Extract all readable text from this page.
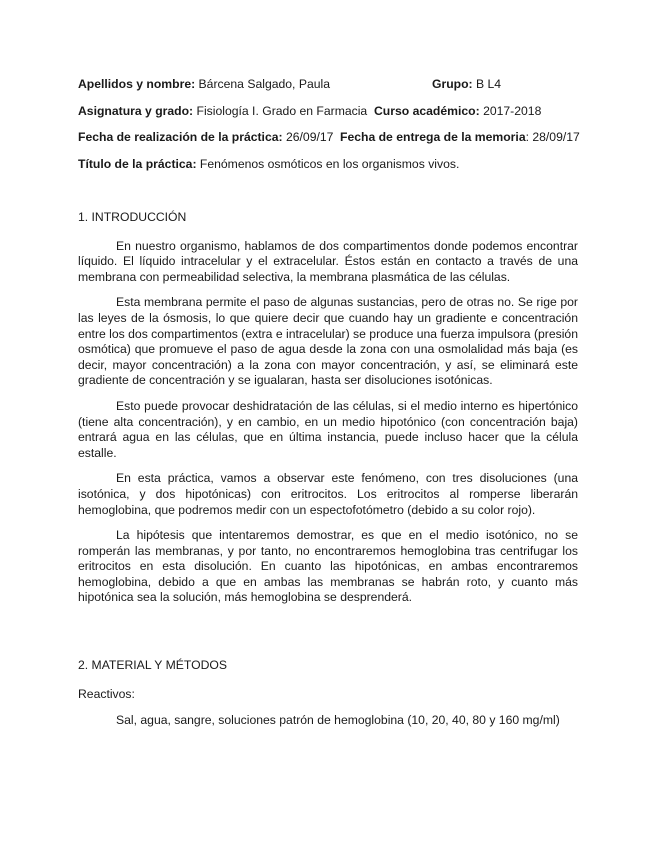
Apellidos y nombre: Bárcena Salgado, Paula	Grupo: B L4
Asignatura y grado: Fisiología I. Grado en Farmacia Curso académico: 2017-2018
Fecha de realización de la práctica: 26/09/17 Fecha de entrega de la memoria: 28/09/17
Título de la práctica: Fenómenos osmóticos en los organismos vivos.
1. INTRODUCCIÓN

En nuestro organismo, hablamos de dos compartimentos donde podemos encontrar líquido. El líquido intracelular y el extracelular. Éstos están en contacto a través de una membrana con permeabilidad selectiva, la membrana plasmática de las células.

Esta membrana permite el paso de algunas sustancias, pero de otras no. Se rige por las leyes de la ósmosis, lo que quiere decir que cuando hay un gradiente e concentración entre los dos compartimentos (extra e intracelular) se produce una fuerza impulsora (presión osmótica) que promueve el paso de agua desde la zona con una osmolalidad más baja (es decir, mayor concentración) a la zona con mayor concentración, y así, se eliminará este gradiente de concentración y se igualaran, hasta ser disoluciones isotónicas.

Esto puede provocar deshidratación de las células, si el medio interno es hipertónico (tiene alta concentración), y en cambio, en un medio hipotónico (con concentración baja) entrará agua en las células, que en última instancia, puede incluso hacer que la célula estalle.

En esta práctica, vamos a observar este fenómeno, con tres disoluciones (una isotónica, y dos hipotónicas) con eritrocitos. Los eritrocitos al romperse liberarán hemoglobina, que podremos medir con un espectofotómetro (debido a su color rojo).

La hipótesis que intentaremos demostrar, es que en el medio isotónico, no se romperán las membranas, y por tanto, no encontraremos hemoglobina tras centrifugar los eritrocitos en esta disolución. En cuanto las hipotónicas, en ambas encontraremos hemoglobina, debido a que en ambas las membranas se habrán roto, y cuanto más hipotónica sea la solución, más hemoglobina se desprenderá.

2. MATERIAL Y MÉTODOS

Reactivos:

Sal, agua, sangre, soluciones patrón de hemoglobina (10, 20, 40, 80 y 160 mg/ml)
